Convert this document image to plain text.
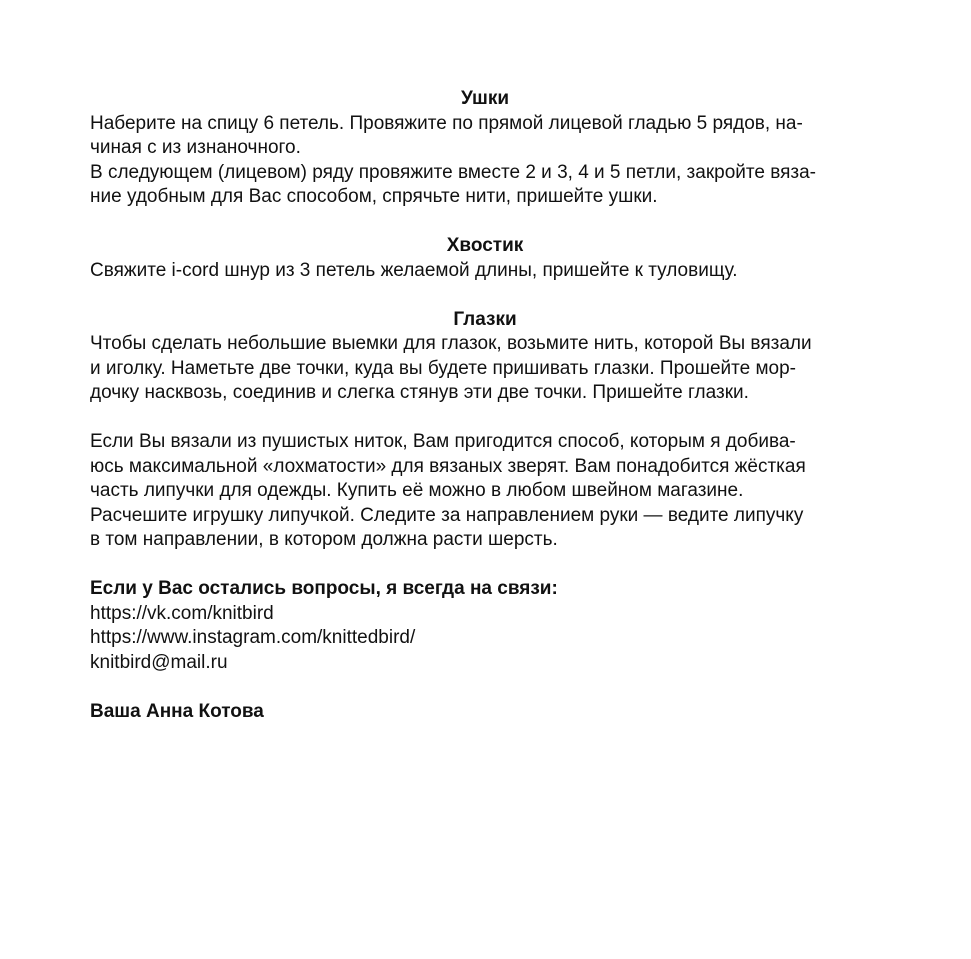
Ушки
Наберите на спицу 6 петель. Провяжите по прямой лицевой гладью 5 рядов, на-
чиная с из изнаночного.
В следующем (лицевом) ряду провяжите вместе 2 и 3, 4 и 5 петли, закройте вяза-
ние удобным для Вас способом, спрячьте нити, пришейте ушки.
Хвостик
Свяжите i-cord шнур из 3 петель желаемой длины, пришейте к туловищу.
Глазки
Чтобы сделать небольшие выемки для глазок, возьмите нить, которой Вы вязали
и иголку. Наметьте две точки, куда вы будете пришивать глазки. Прошейте мор-
дочку насквозь, соединив и слегка стянув эти две точки. Пришейте глазки.
Если Вы вязали из пушистых ниток, Вам пригодится способ, которым я добива-
юсь максимальной «лохматости» для вязаных зверят. Вам понадобится жёсткая
часть липучки для одежды. Купить её можно в любом швейном магазине.
Расчешите игрушку липучкой. Следите за направлением руки — ведите липучку
в том направлении, в котором должна расти шерсть.
Если у Вас остались вопросы, я всегда на связи:
https://vk.com/knitbird
https://www.instagram.com/knittedbird/
knitbird@mail.ru
Ваша Анна Котова
